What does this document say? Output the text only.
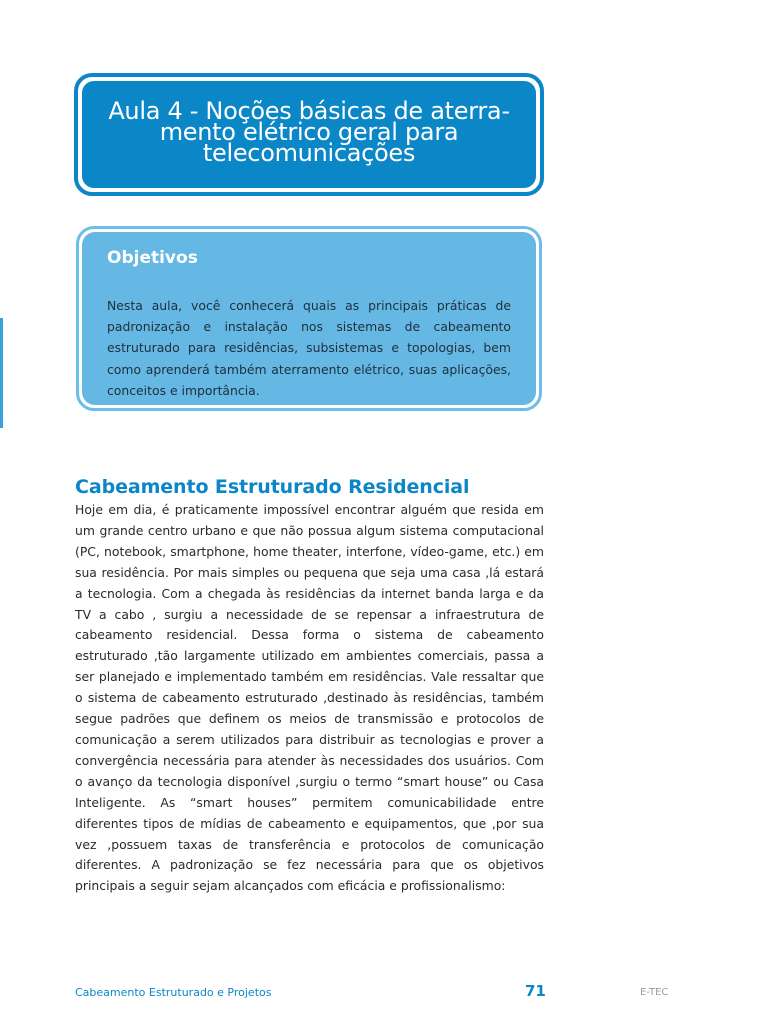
Aula 4 - Noções básicas de aterra-
mento elétrico geral para
telecomunicações
Objetivos

Nesta aula, você conhecerá quais as principais práticas de padronização e instalação nos sistemas de cabeamento estruturado para residências, subsistemas e topologias, bem como aprenderá também aterramento elétrico, suas aplicações, conceitos e importância.

Cabeamento Estruturado Residencial

Hoje em dia, é praticamente impossível encontrar alguém que resida em um grande centro urbano e que não possua algum sistema computacional (PC, notebook, smartphone, home theater, interfone, vídeo-game, etc.) em sua residência. Por mais simples ou pequena que seja uma casa ,lá estará a tecnologia. Com a chegada às residências da internet banda larga e da TV a cabo , surgiu a necessidade de se repensar a infraestrutura de cabeamento residencial. Dessa forma o sistema de cabeamento estruturado ,tão largamente utilizado em ambientes comerciais, passa a ser planejado e implementado também em residências. Vale ressaltar que o sistema de cabeamento estruturado ,destinado às residências, também segue padrões que definem os meios de transmissão e protocolos de comunicação a serem utilizados para distribuir as tecnologias e prover a convergência necessária para atender às necessidades dos usuários. Com o avanço da tecnologia disponível ,surgiu o termo “smart house” ou Casa Inteligente. As “smart houses” permitem comunicabilidade entre diferentes tipos de mídias de cabeamento e equipamentos, que ,por sua vez ,possuem taxas de transferência e protocolos de comunicação diferentes. A padronização se fez necessária para que os objetivos principais a seguir sejam alcançados com eficácia e profissionalismo:

Cabeamento Estruturado e Projetos	71	E-TEC
